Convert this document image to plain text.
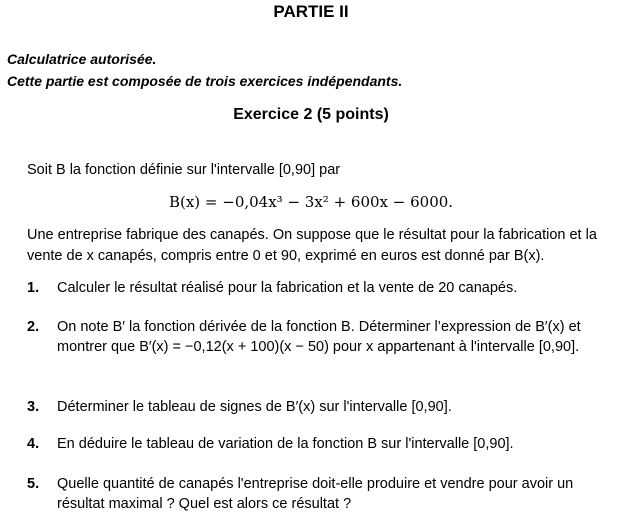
PARTIE II
Calculatrice autorisée.
Cette partie est composée de trois exercices indépendants.
Exercice 2 (5 points)
Soit B la fonction définie sur l'intervalle [0,90] par
B(x) = −0,04x³ − 3x² + 600x − 6000.
Une entreprise fabrique des canapés. On suppose que le résultat pour la fabrication et la vente de x canapés, compris entre 0 et 90, exprimé en euros est donné par B(x).
1.	Calculer le résultat réalisé pour la fabrication et la vente de 20 canapés.
2.	On note B′ la fonction dérivée de la fonction B. Déterminer l’expression de B′(x) et montrer que B′(x) = −0,12(x + 100)(x − 50) pour x appartenant à l'intervalle [0,90].
3.	Déterminer le tableau de signes de B′(x) sur l'intervalle [0,90].
4.	En déduire le tableau de variation de la fonction B sur l'intervalle [0,90].
5.	Quelle quantité de canapés l'entreprise doit-elle produire et vendre pour avoir un résultat maximal ? Quel est alors ce résultat ?
